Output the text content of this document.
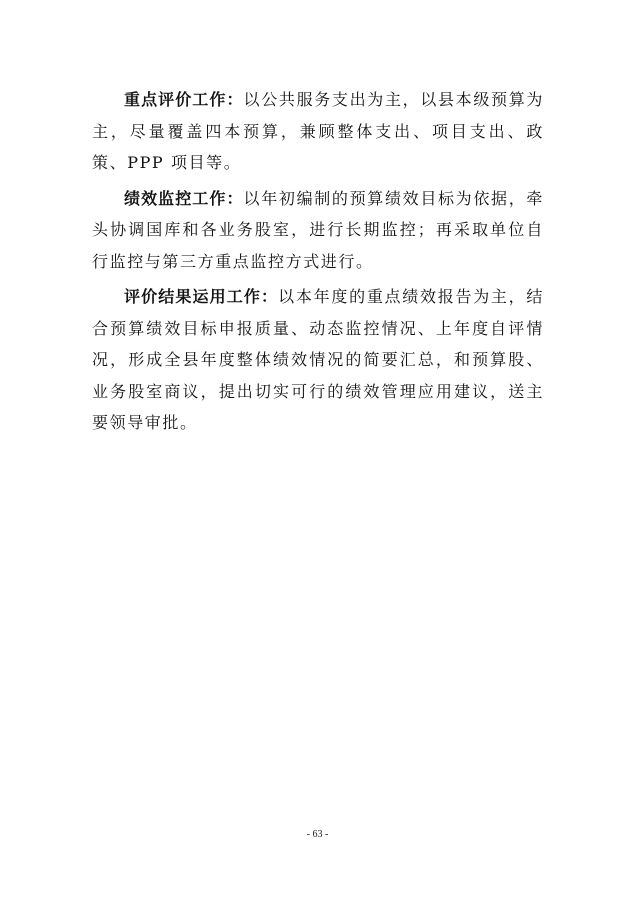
重点评价工作：以公共服务支出为主，以县本级预算为主，尽量覆盖四本预算，兼顾整体支出、项目支出、政策、PPP 项目等。

绩效监控工作：以年初编制的预算绩效目标为依据，牵头协调国库和各业务股室，进行长期监控；再采取单位自行监控与第三方重点监控方式进行。

评价结果运用工作：以本年度的重点绩效报告为主，结合预算绩效目标申报质量、动态监控情况、上年度自评情况，形成全县年度整体绩效情况的简要汇总，和预算股、业务股室商议，提出切实可行的绩效管理应用建议，送主要领导审批。

- 63 -
